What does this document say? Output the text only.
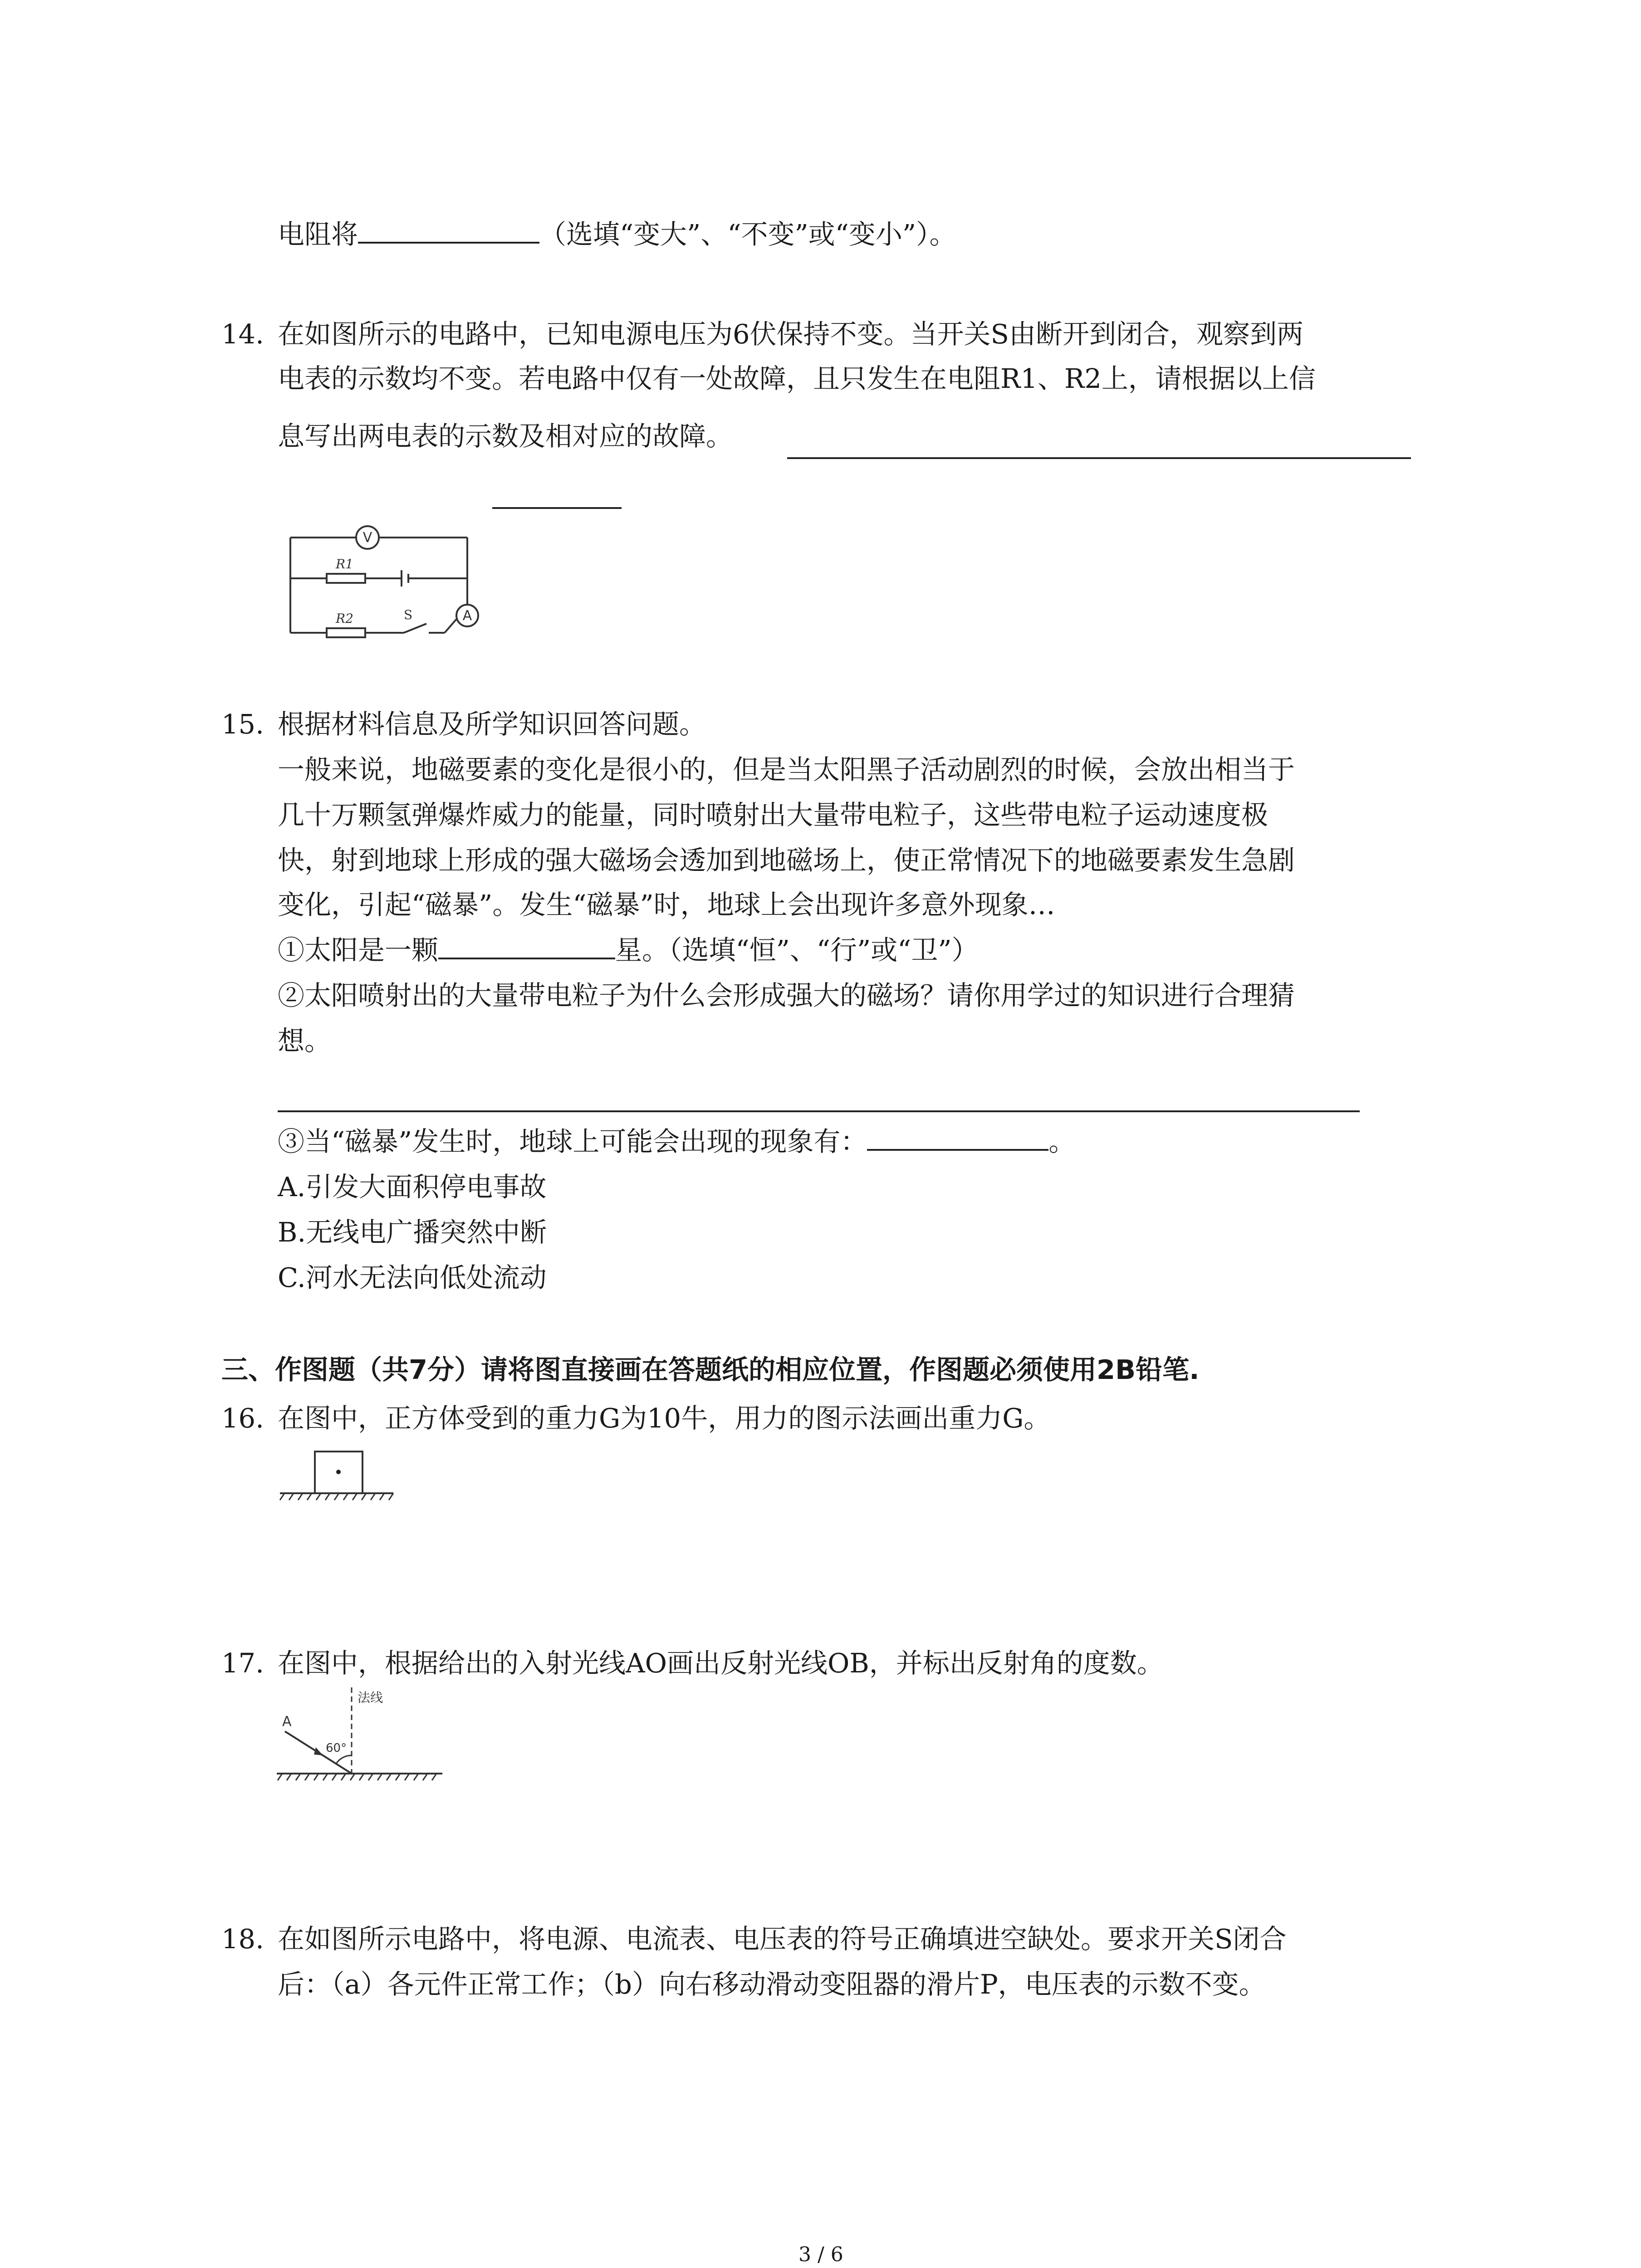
电阻将	（选填“变大”、“不变”或“变小”）。
14. 在如图所示的电路中，已知电源电压为6伏保持不变。当开关S由断开到闭合，观察到两
电表的示数均不变。若电路中仅有一处故障，且只发生在电阻R1、R2上，请根据以上信
息写出两电表的示数及相对应的故障。
V
A
R1
R2	S
15. 根据材料信息及所学知识回答问题。
一般来说，地磁要素的变化是很小的，但是当太阳黑子活动剧烈的时候，会放出相当于
几十万颗氢弹爆炸威力的能量，同时喷射出大量带电粒子，这些带电粒子运动速度极
快，射到地球上形成的强大磁场会透加到地磁场上，使正常情况下的地磁要素发生急剧
变化，引起“磁暴”。发生“磁暴”时，地球上会出现许多意外现象…
①太阳是一颗	星。（选填“恒”、“行”或“卫”）
②太阳喷射出的大量带电粒子为什么会形成强大的磁场？请你用学过的知识进行合理猜
想。
③当“磁暴”发生时，地球上可能会出现的现象有：	。
A.引发大面积停电事故
B.无线电广播突然中断
C.河水无法向低处流动
三、作图题（共7分）请将图直接画在答题纸的相应位置，作图题必须使用2B铅笔.
16. 在图中，正方体受到的重力G为10牛，用力的图示法画出重力G。
17. 在图中，根据给出的入射光线AO画出反射光线OB，并标出反射角的度数。
法线
A
60°
18. 在如图所示电路中，将电源、电流表、电压表的符号正确填进空缺处。要求开关S闭合
后：（a）各元件正常工作；（b）向右移动滑动变阻器的滑片P，电压表的示数不变。
3 / 6
